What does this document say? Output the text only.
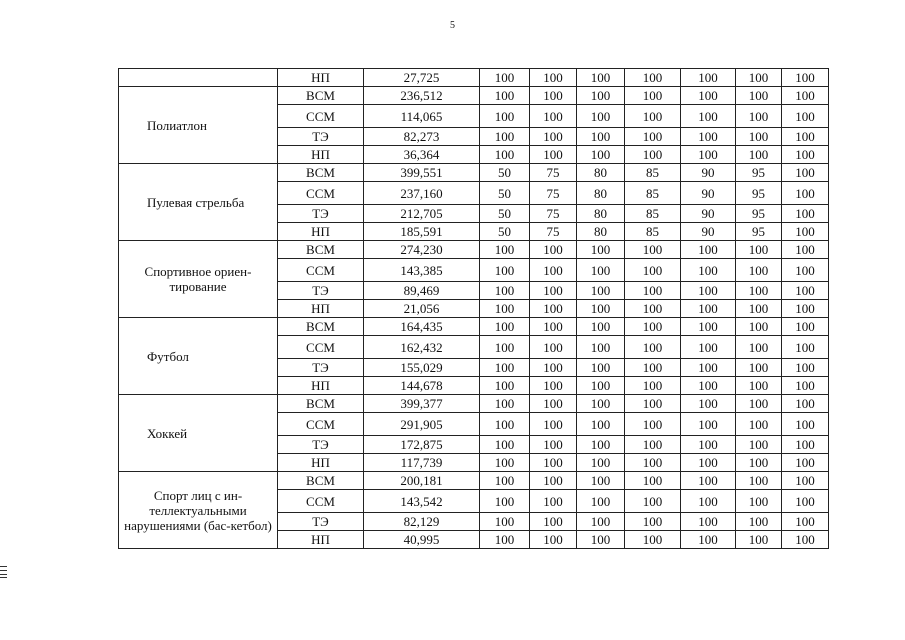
5
	НП	27,725	100	100	100	100	100	100	100
Полиатлон	ВСМ	236,512	100	100	100	100	100	100	100
	ССМ	114,065	100	100	100	100	100	100	100
	ТЭ	82,273	100	100	100	100	100	100	100
	НП	36,364	100	100	100	100	100	100	100
Пулевая стрельба	ВСМ	399,551	50	75	80	85	90	95	100
	ССМ	237,160	50	75	80	85	90	95	100
	ТЭ	212,705	50	75	80	85	90	95	100
	НП	185,591	50	75	80	85	90	95	100
Спортивное ориен-тирование	ВСМ	274,230	100	100	100	100	100	100	100
	ССМ	143,385	100	100	100	100	100	100	100
	ТЭ	89,469	100	100	100	100	100	100	100
	НП	21,056	100	100	100	100	100	100	100
Футбол	ВСМ	164,435	100	100	100	100	100	100	100
	ССМ	162,432	100	100	100	100	100	100	100
	ТЭ	155,029	100	100	100	100	100	100	100
	НП	144,678	100	100	100	100	100	100	100
Хоккей	ВСМ	399,377	100	100	100	100	100	100	100
	ССМ	291,905	100	100	100	100	100	100	100
	ТЭ	172,875	100	100	100	100	100	100	100
	НП	117,739	100	100	100	100	100	100	100
Спорт лиц с ин-теллектуальными нарушениями (бас-кетбол)	ВСМ	200,181	100	100	100	100	100	100	100
	ССМ	143,542	100	100	100	100	100	100	100
	ТЭ	82,129	100	100	100	100	100	100	100
	НП	40,995	100	100	100	100	100	100	100
